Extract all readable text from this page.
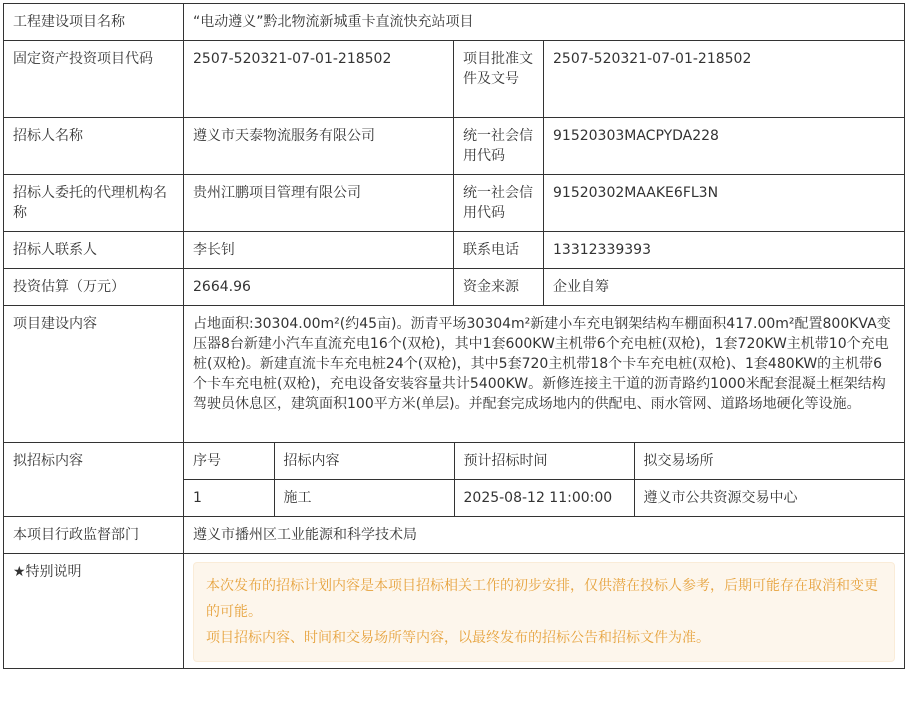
工程建设项目名称	“电动遵义”黔北物流新城重卡直流快充站项目
固定资产投资项目代码	2507-520321-07-01-218502	项目批准文件及文号	2507-520321-07-01-218502
招标人名称	遵义市天泰物流服务有限公司	统一社会信用代码	91520303MACPYDA228
招标人委托的代理机构名称	贵州江鹏项目管理有限公司	统一社会信用代码	91520302MAAKE6FL3N
招标人联系人	李长钊	联系电话	13312339393
投资估算（万元）	2664.96	资金来源	企业自筹
项目建设内容	占地面积:30304.00m²(约45亩)。沥青平场30304m²新建小车充电钢架结构车棚面积417.00m²配置800KVA变压器8台新建小汽车直流充电16个(双枪)，其中1套600KW主机带6个充电桩(双枪)，1套720KW主机带10个充电桩(双枪)。新建直流卡车充电桩24个(双枪)，其中5套720主机带18个卡车充电桩(双枪)、1套480KW的主机带6个卡车充电桩(双枪)，充电设备安装容量共计5400KW。新修连接主干道的沥青路约1000米配套混凝土框架结构驾驶员休息区，建筑面积100平方米(单层)。并配套完成场地内的供配电、雨水管网、道路场地硬化等设施。
拟招标内容		序号	招标内容	预计招标时间	拟交易场所
1	施工	2025-08-12 11:00:00	遵义市公共资源交易中心

本项目行政监督部门	遵义市播州区工业能源和科学技术局
★特别说明	

本次发布的招标计划内容是本项目招标相关工作的初步安排，仅供潜在投标人参考，后期可能存在取消和变更的可能。

项目招标内容、时间和交易场所等内容，以最终发布的招标公告和招标文件为准。
